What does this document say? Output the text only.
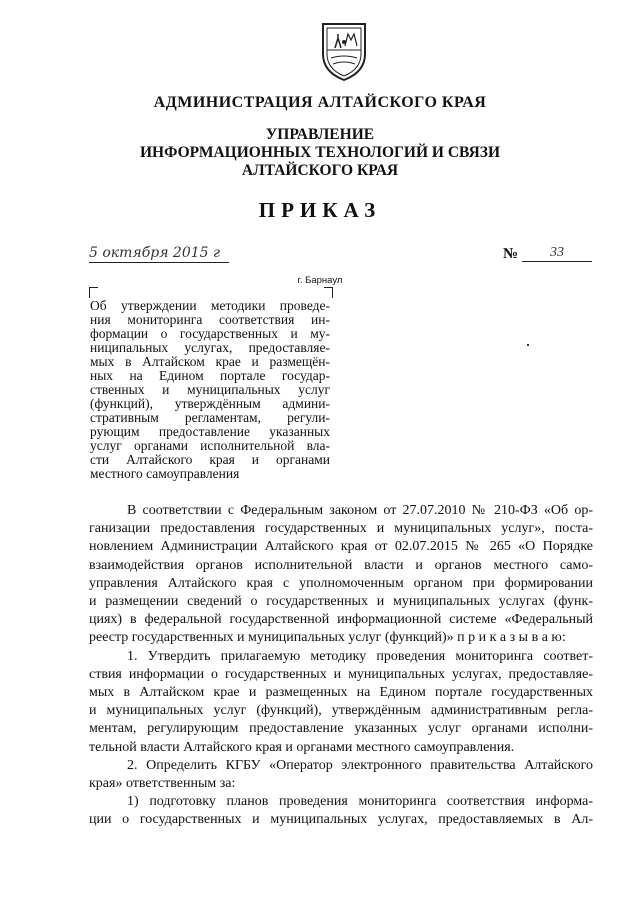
АДМИНИСТРАЦИЯ АЛТАЙСКОГО КРАЯ
УПРАВЛЕНИЕ
ИНФОРМАЦИОННЫХ ТЕХНОЛОГИЙ И СВЯЗИ
АЛТАЙСКОГО КРАЯ
ПРИКАЗ
5 октября 2015 г	№	33
г. Барнаул
Об утверждении методики проведе-
ния мониторинга соответствия ин-
формации о государственных и му-
ниципальных услугах, предоставляе-
мых в Алтайском крае и размещён-
ных на Едином портале государ-
ственных и муниципальных услуг
(функций), утверждённым админи-
стративным регламентам, регули-
рующим предоставление указанных
услуг органами исполнительной вла-
сти Алтайского края и органами
местного самоуправления
В соответствии с Федеральным законом от 27.07.2010 № 210-ФЗ «Об ор-
ганизации предоставления государственных и муниципальных услуг», поста-
новлением Администрации Алтайского края от 02.07.2015 № 265 «О Порядке
взаимодействия органов исполнительной власти и органов местного само-
управления Алтайского края с уполномоченным органом при формировании
и размещении сведений о государственных и муниципальных услугах (функ-
циях) в федеральной государственной информационной системе «Федеральный
реестр государственных и муниципальных услуг (функций)» п р и к а з ы в а ю:
1. Утвердить прилагаемую методику проведения мониторинга соответ-
ствия информации о государственных и муниципальных услугах, предоставляе-
мых в Алтайском крае и размещенных на Едином портале государственных
и муниципальных услуг (функций), утверждённым административным регла-
ментам, регулирующим предоставление указанных услуг органами исполни-
тельной власти Алтайского края и органами местного самоуправления.
2. Определить КГБУ «Оператор электронного правительства Алтайского
края» ответственным за:
1) подготовку планов проведения мониторинга соответствия информа-
ции о государственных и муниципальных услугах, предоставляемых в Ал-
